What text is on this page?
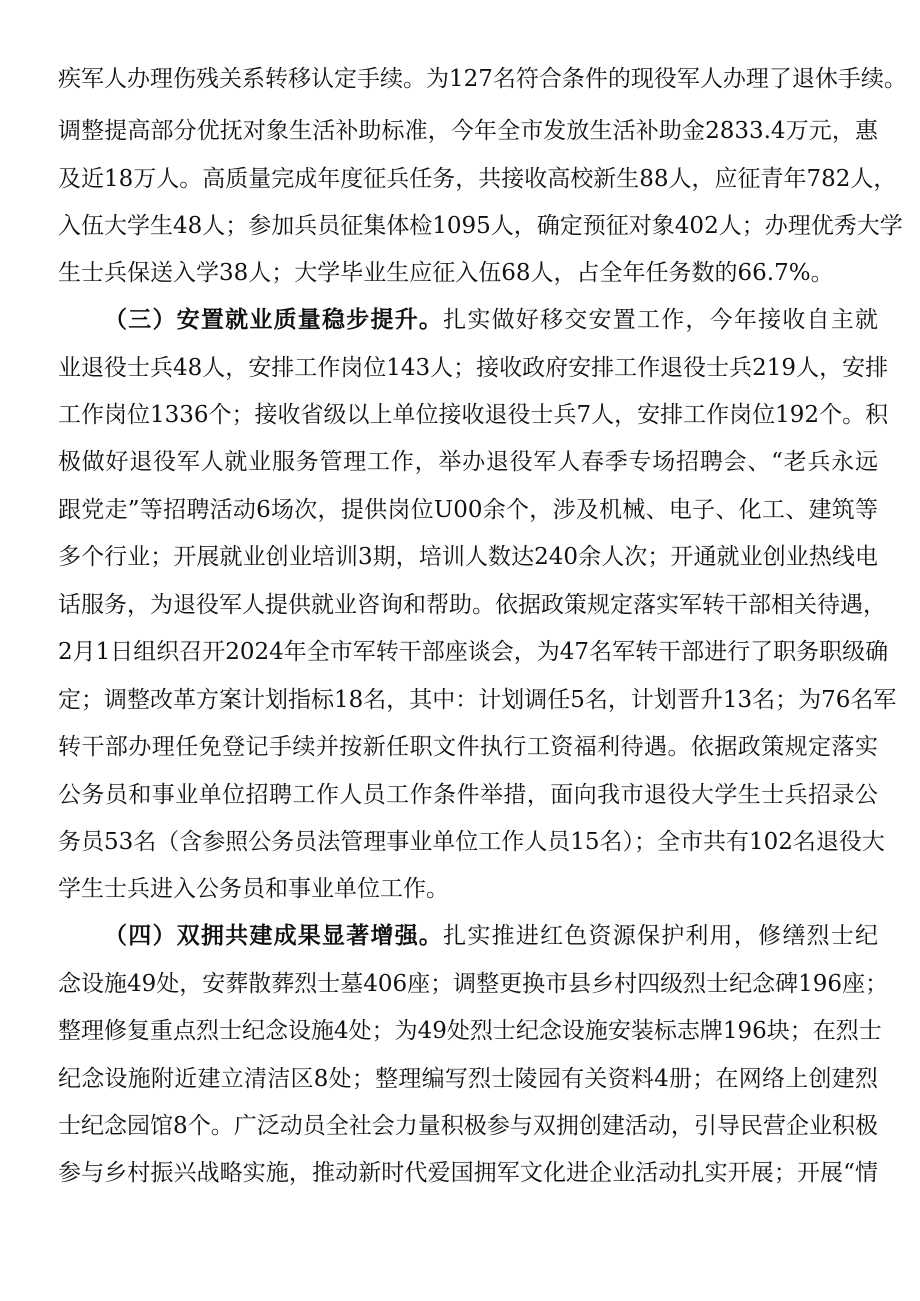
疾军人办理伤残关系转移认定手续。为127名符合条件的现役军人办理了退休手续。
调整提高部分优抚对象生活补助标准，今年全市发放生活补助金2833.4万元，惠
及近18万人。高质量完成年度征兵任务，共接收高校新生88人，应征青年782人，
入伍大学生48人；参加兵员征集体检1095人，确定预征对象402人；办理优秀大学
生士兵保送入学38人；大学毕业生应征入伍68人，占全年任务数的66.7%。
（三）安置就业质量稳步提升。扎实做好移交安置工作，今年接收自主就
业退役士兵48人，安排工作岗位143人；接收政府安排工作退役士兵219人，安排
工作岗位1336个；接收省级以上单位接收退役士兵7人，安排工作岗位192个。积
极做好退役军人就业服务管理工作，举办退役军人春季专场招聘会、“老兵永远
跟党走”等招聘活动6场次，提供岗位U00余个，涉及机械、电子、化工、建筑等
多个行业；开展就业创业培训3期，培训人数达240余人次；开通就业创业热线电
话服务，为退役军人提供就业咨询和帮助。依据政策规定落实军转干部相关待遇，
2月1日组织召开2024年全市军转干部座谈会，为47名军转干部进行了职务职级确
定；调整改革方案计划指标18名，其中：计划调任5名，计划晋升13名；为76名军
转干部办理任免登记手续并按新任职文件执行工资福利待遇。依据政策规定落实
公务员和事业单位招聘工作人员工作条件举措，面向我市退役大学生士兵招录公
务员53名（含参照公务员法管理事业单位工作人员15名）；全市共有102名退役大
学生士兵进入公务员和事业单位工作。
（四）双拥共建成果显著增强。扎实推进红色资源保护利用，修缮烈士纪
念设施49处，安葬散葬烈士墓406座；调整更换市县乡村四级烈士纪念碑196座；
整理修复重点烈士纪念设施4处；为49处烈士纪念设施安装标志牌196块；在烈士
纪念设施附近建立清洁区8处；整理编写烈士陵园有关资料4册；在网络上创建烈
士纪念园馆8个。广泛动员全社会力量积极参与双拥创建活动，引导民营企业积极
参与乡村振兴战略实施，推动新时代爱国拥军文化进企业活动扎实开展；开展“情
